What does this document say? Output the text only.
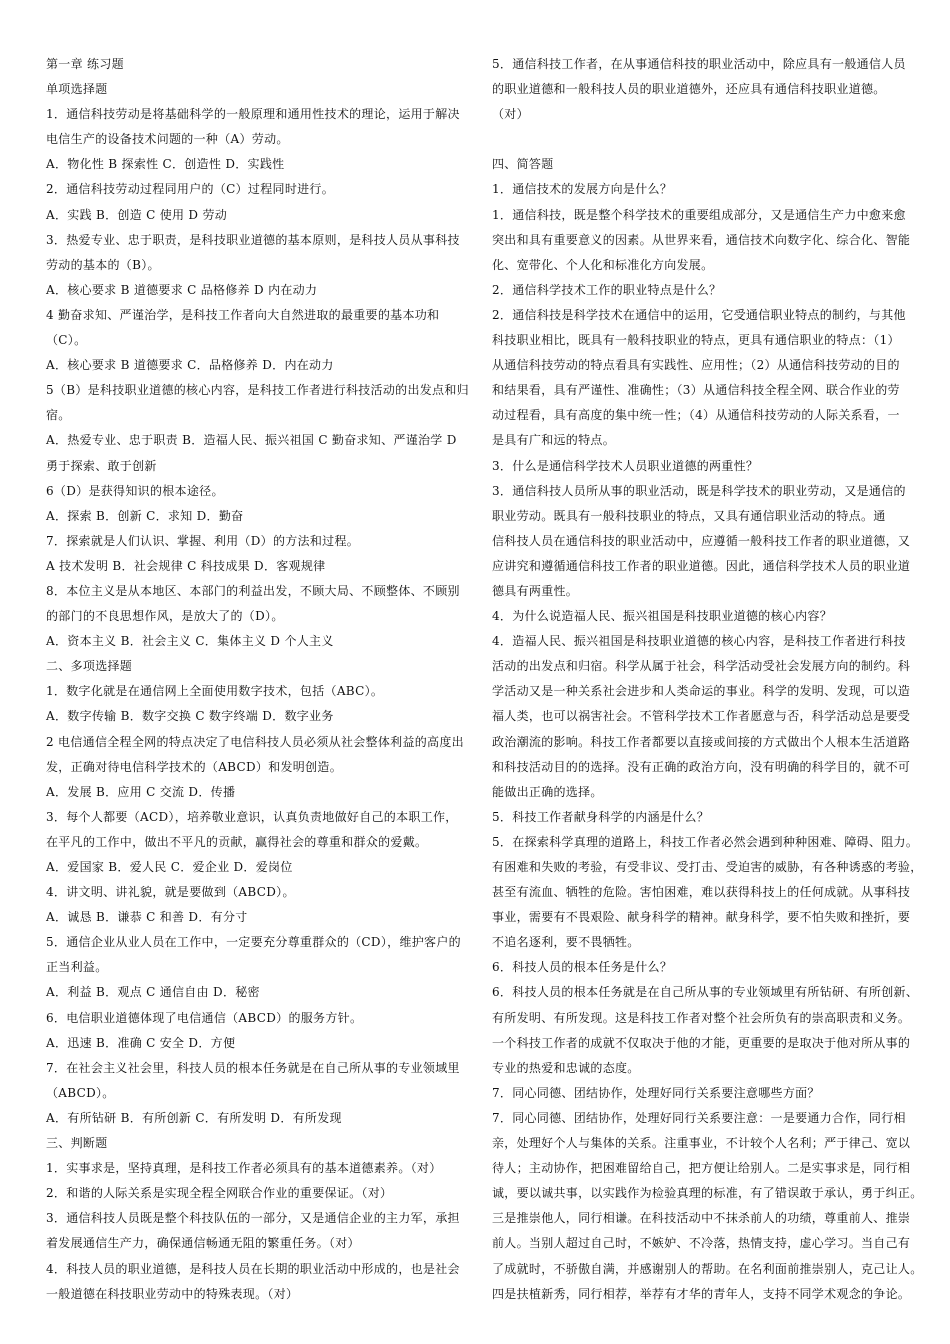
第一章 练习题
单项选择题
1．通信科技劳动是将基础科学的一般原理和通用性技术的理论，运用于解决
电信生产的设备技术问题的一种（A）劳动。
A．物化性 B 探索性 C．创造性 D．实践性
2．通信科技劳动过程同用户的（C）过程同时进行。
A．实践 B．创造 C 使用 D 劳动
3．热爱专业、忠于职责，是科技职业道德的基本原则，是科技人员从事科技
劳动的基本的（B）。
A．核心要求 B 道德要求 C 品格修养 D 内在动力
4 勤奋求知、严谨治学，是科技工作者向大自然进取的最重要的基本功和
（C）。
A．核心要求 B 道德要求 C．品格修养 D．内在动力
5（B）是科技职业道德的核心内容，是科技工作者进行科技活动的出发点和归
宿。
A．热爱专业、忠于职责 B．造福人民、振兴祖国 C 勤奋求知、严谨治学 D
勇于探索、敢于创新
6（D）是获得知识的根本途径。
A．探索 B．创新 C．求知 D．勤奋
7．探索就是人们认识、掌握、利用（D）的方法和过程。
A 技术发明 B．社会规律 C 科技成果 D．客观规律
8．本位主义是从本地区、本部门的利益出发，不顾大局、不顾整体、不顾别
的部门的不良思想作风，是放大了的（D）。
A．资本主义 B．社会主义 C．集体主义 D 个人主义
二、多项选择题
1．数字化就是在通信网上全面使用数字技术，包括（ABC）。
A．数字传输 B．数字交换 C 数字终端 D．数字业务
2 电信通信全程全网的特点决定了电信科技人员必须从社会整体利益的高度出
发，正确对待电信科学技术的（ABCD）和发明创造。
A．发展 B．应用 C 交流 D．传播
3．每个人都要（ACD），培养敬业意识，认真负责地做好自己的本职工作，
在平凡的工作中，做出不平凡的贡献，赢得社会的尊重和群众的爱戴。
A．爱国家 B．爱人民 C．爱企业 D．爱岗位
4．讲文明、讲礼貌，就是要做到（ABCD）。
A．诚恳 B．谦恭 C 和善 D．有分寸
5．通信企业从业人员在工作中，一定要充分尊重群众的（CD），维护客户的
正当利益。
A．利益 B．观点 C 通信自由 D．秘密
6．电信职业道德体现了电信通信（ABCD）的服务方针。
A．迅速 B．准确 C 安全 D．方便
7．在社会主义社会里，科技人员的根本任务就是在自己所从事的专业领域里
（ABCD）。
A．有所钻研 B．有所创新 C．有所发明 D．有所发现
三、判断题
1．实事求是，坚持真理，是科技工作者必须具有的基本道德素养。（对）
2．和谐的人际关系是实现全程全网联合作业的重要保证。（对）
3．通信科技人员既是整个科技队伍的一部分，又是通信企业的主力军，承担
着发展通信生产力，确保通信畅通无阻的繁重任务。（对）
4．科技人员的职业道德，是科技人员在长期的职业活动中形成的，也是社会
一般道德在科技职业劳动中的特殊表现。（对）
5．通信科技工作者，在从事通信科技的职业活动中，除应具有一般通信人员
的职业道德和一般科技人员的职业道德外，还应具有通信科技职业道德。
（对）
四、简答题
1．通信技术的发展方向是什么？
1．通信科技，既是整个科学技术的重要组成部分，又是通信生产力中愈来愈
突出和具有重要意义的因素。从世界来看，通信技术向数字化、综合化、智能
化、宽带化、个人化和标准化方向发展。
2．通信科学技术工作的职业特点是什么？
2．通信科技是科学技术在通信中的运用，它受通信职业特点的制约，与其他
科技职业相比，既具有一般科技职业的特点，更具有通信职业的特点：（1）
从通信科技劳动的特点看具有实践性、应用性；（2）从通信科技劳动的目的
和结果看，具有严谨性、准确性；（3）从通信科技全程全网、联合作业的劳
动过程看，具有高度的集中统一性；（4）从通信科技劳动的人际关系看，一
是具有广和远的特点。
3．什么是通信科学技术人员职业道德的两重性？
3．通信科技人员所从事的职业活动，既是科学技术的职业劳动，又是通信的
职业劳动。既具有一般科技职业的特点，又具有通信职业活动的特点。通
信科技人员在通信科技的职业活动中，应遵循一般科技工作者的职业道德，又
应讲究和遵循通信科技工作者的职业道德。因此，通信科学技术人员的职业道
德具有两重性。
4．为什么说造福人民、振兴祖国是科技职业道德的核心内容？
4．造福人民、振兴祖国是科技职业道德的核心内容，是科技工作者进行科技
活动的出发点和归宿。科学从属于社会，科学活动受社会发展方向的制约。科
学活动又是一种关系社会进步和人类命运的事业。科学的发明、发现，可以造
福人类，也可以祸害社会。不管科学技术工作者愿意与否，科学活动总是要受
政治潮流的影响。科技工作者都要以直接或间接的方式做出个人根本生活道路
和科技活动目的的选择。没有正确的政治方向，没有明确的科学目的，就不可
能做出正确的选择。
5．科技工作者献身科学的内涵是什么？
5．在探索科学真理的道路上，科技工作者必然会遇到种种困难、障碍、阻力。
有困难和失败的考验，有受非议、受打击、受迫害的威胁，有各种诱惑的考验，
甚至有流血、牺牲的危险。害怕困难，难以获得科技上的任何成就。从事科技
事业，需要有不畏艰险、献身科学的精神。献身科学，要不怕失败和挫折，要
不追名逐利，要不畏牺牲。
6．科技人员的根本任务是什么？
6．科技人员的根本任务就是在自己所从事的专业领域里有所钻研、有所创新、
有所发明、有所发现。这是科技工作者对整个社会所负有的崇高职责和义务。
一个科技工作者的成就不仅取决于他的才能，更重要的是取决于他对所从事的
专业的热爱和忠诚的态度。
7．同心同德、团结协作，处理好同行关系要注意哪些方面？
7．同心同德、团结协作，处理好同行关系要注意：一是要通力合作，同行相
亲，处理好个人与集体的关系。注重事业，不计较个人名利；严于律己、宽以
待人；主动协作，把困难留给自己，把方便让给别人。二是实事求是，同行相
诚，要以诚共事，以实践作为检验真理的标准，有了错误敢于承认，勇于纠正。
三是推崇他人，同行相谦。在科技活动中不抹杀前人的功绩，尊重前人、推崇
前人。当别人超过自己时，不嫉妒、不冷落，热情支持，虚心学习。当自己有
了成就时，不骄傲自满，并感谢别人的帮助。在名利面前推崇别人，克己让人。
四是扶植新秀，同行相荐，举荐有才华的青年人，支持不同学术观念的争论。
